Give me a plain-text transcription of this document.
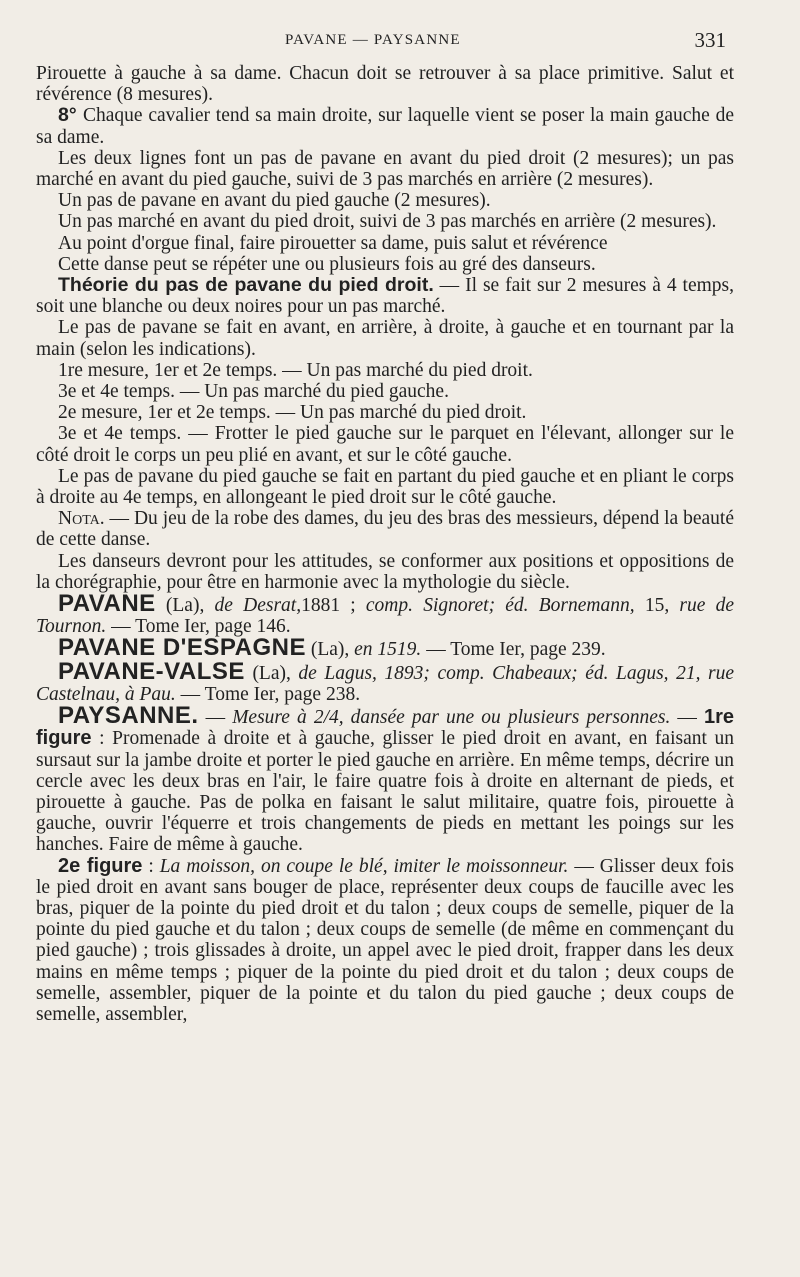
PAVANE — PAYSANNE	331

Pirouette à gauche à sa dame. Chacun doit se retrouver à sa place primitive. Salut et révérence (8 mesures).

8° Chaque cavalier tend sa main droite, sur laquelle vient se poser la main gauche de sa dame.

Les deux lignes font un pas de pavane en avant du pied droit (2 mesures); un pas marché en avant du pied gauche, suivi de 3 pas marchés en arrière (2 mesures).

Un pas de pavane en avant du pied gauche (2 mesures).

Un pas marché en avant du pied droit, suivi de 3 pas marchés en arrière (2 mesures).

Au point d'orgue final, faire pirouetter sa dame, puis salut et révérence

Cette danse peut se répéter une ou plusieurs fois au gré des danseurs.

Théorie du pas de pavane du pied droit. — Il se fait sur 2 mesures à 4 temps, soit une blanche ou deux noires pour un pas marché.

Le pas de pavane se fait en avant, en arrière, à droite, à gauche et en tournant par la main (selon les indications).

1re mesure, 1er et 2e temps. — Un pas marché du pied droit.

3e et 4e temps. — Un pas marché du pied gauche.

2e mesure, 1er et 2e temps. — Un pas marché du pied droit.

3e et 4e temps. — Frotter le pied gauche sur le parquet en l'élevant, allonger sur le côté droit le corps un peu plié en avant, et sur le côté gauche.

Le pas de pavane du pied gauche se fait en partant du pied gauche et en pliant le corps à droite au 4e temps, en allongeant le pied droit sur le côté gauche.

Nota. — Du jeu de la robe des dames, du jeu des bras des messieurs, dépend la beauté de cette danse.

Les danseurs devront pour les attitudes, se conformer aux positions et oppositions de la chorégraphie, pour être en harmonie avec la mythologie du siècle.

PAVANE (La), de Desrat,1881 ; comp. Signoret; éd. Bornemann, 15, rue de Tournon. — Tome Ier, page 146.

PAVANE D'ESPAGNE (La), en 1519. — Tome Ier, page 239.

PAVANE-VALSE (La), de Lagus, 1893; comp. Chabeaux; éd. Lagus, 21, rue Castelnau, à Pau. — Tome Ier, page 238.

PAYSANNE. — Mesure à 2/4, dansée par une ou plusieurs personnes. — 1re figure : Promenade à droite et à gauche, glisser le pied droit en avant, en faisant un sursaut sur la jambe droite et porter le pied gauche en arrière. En même temps, décrire un cercle avec les deux bras en l'air, le faire quatre fois à droite en alternant de pieds, et pirouette à gauche. Pas de polka en faisant le salut militaire, quatre fois, pirouette à gauche, ouvrir l'équerre et trois changements de pieds en mettant les poings sur les hanches. Faire de même à gauche.

2e figure : La moisson, on coupe le blé, imiter le moissonneur. — Glisser deux fois le pied droit en avant sans bouger de place, représenter deux coups de faucille avec les bras, piquer de la pointe du pied droit et du talon ; deux coups de semelle, piquer de la pointe du pied gauche et du talon ; deux coups de semelle (de même en commençant du pied gauche) ; trois glissades à droite, un appel avec le pied droit, frapper dans les deux mains en même temps ; piquer de la pointe du pied droit et du talon ; deux coups de semelle, assembler, piquer de la pointe et du talon du pied gauche ; deux coups de semelle, assembler,
